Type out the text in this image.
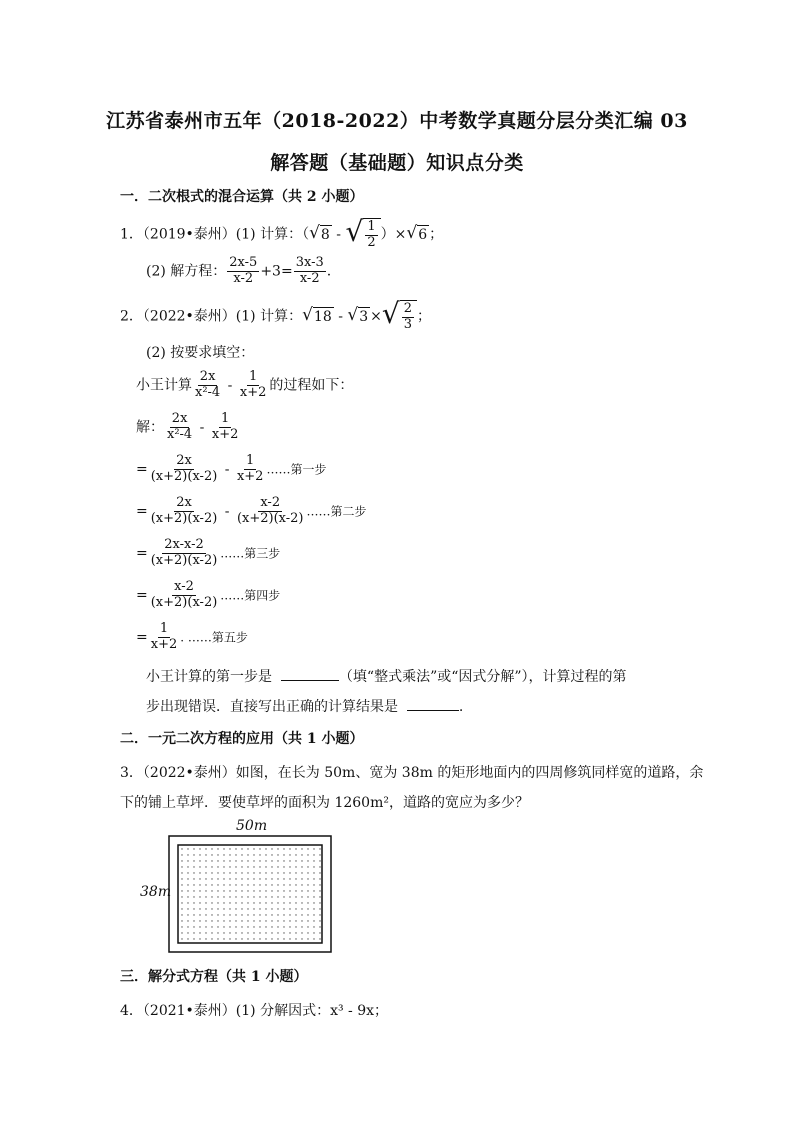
江苏省泰州市五年（2018-2022）中考数学真题分层分类汇编 03
解答题（基础题）知识点分类
一．二次根式的混合运算（共 2 小题）
1．（2019•泰州）(1) 计算：（ √ 8 - √ $\frac{1}{2}$ ）× √ 6 ；
(2) 解方程： $\frac{2x-5}{x-2} +3= \frac{3x-3}{x-2}$ .
2．（2022•泰州）(1) 计算： √ 18 - √ 3 × √ $\frac{2}{3}$ ；
(2) 按要求填空：
小王计算 $\frac{2x}{\text{x²-4}} - \frac{1}{x+2}$ 的过程如下：
解： $\frac{2x}{\text{x²-4}} - \frac{1}{x+2}$
= $\frac{2x}{(x+2)(x-2)} - \frac{1}{x+2}$ ……第一步
= $\frac{2x}{(x+2)(x-2)} - \frac{x-2}{(x+2)(x-2)}$ ……第二步
= $\frac{2x-x-2}{(x+2)(x-2)}$ ……第三步
= $\frac{x-2}{(x+2)(x-2)}$ ……第四步
= $\frac{1}{x+2}$ . ……第五步
小王计算的第一步是	（填“整式乘法”或“因式分解”），计算过程的第
步出现错误．直接写出正确的计算结果是	.
二．一元二次方程的应用（共 1 小题）
3．（2022•泰州）如图，在长为 50m、宽为 38m 的矩形地面内的四周修筑同样宽的道路，余
下的铺上草坪．要使草坪的面积为 1260m²，道路的宽应为多少？
50m
38m
三．解分式方程（共 1 小题）
4．（2021•泰州）(1) 分解因式：x³ - 9x；
